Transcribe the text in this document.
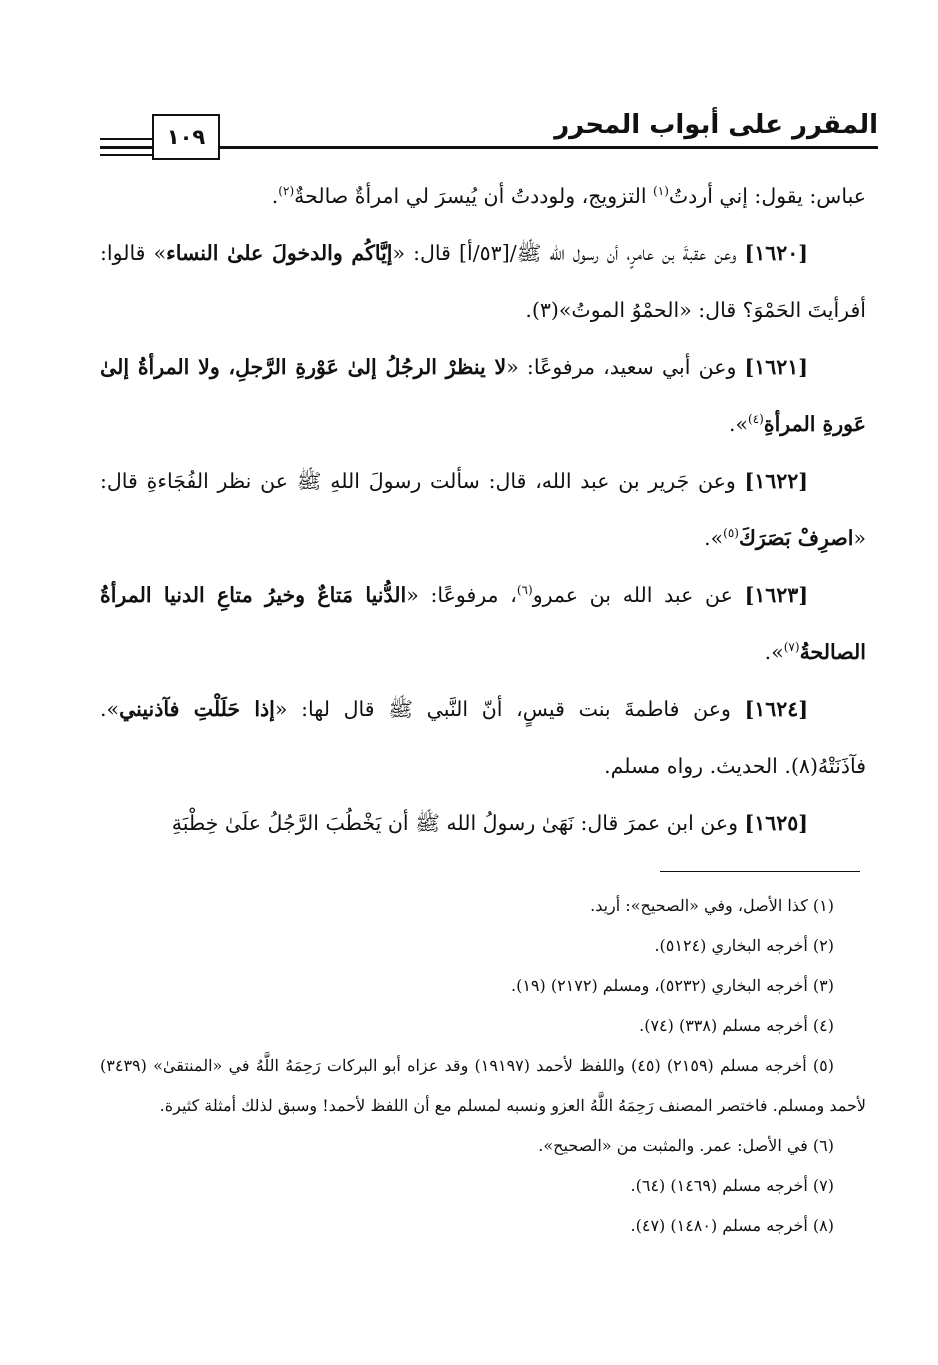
المقرر على أبواب المحرر
١٠٩

عباس: يقول: إني أردتُ$^{(١)}$ التزويج، ولوددتُ أن يُيسرَ لي امرأةٌ صالحةٌ$^{(٢)}$.

[١٦٢٠] وعن عقبةَ بن عامرٍ، أن رسول الله ﷺ/[٥٣/أ] قال: «إيَّاكُم والدخولَ علىٰ النساء» قالوا: أفرأيتَ الحَمْوَ؟ قال: «الحمْوُ الموتُ»(٣).

[١٦٢١] وعن أبي سعيد، مرفوعًا: «لا ينظرْ الرجُلُ إلىٰ عَوْرةِ الرَّجلِ، ولا المرأةُ إلىٰ عَورةِ المرأةِ$^{(٤)}$».

[١٦٢٢] وعن جَرير بن عبد الله، قال: سألت رسولَ اللهِ ﷺ عن نظر الفُجَاءةِ قال: «اصرِفْ بَصَرَكَ$^{(٥)}$».

[١٦٢٣] عن عبد الله بن عمرو$^{(٦)}$، مرفوعًا: «الدُّنيا مَتاعٌ وخيرُ متاعِ الدنيا المرأةُ الصالحةُ$^{(٧)}$».

[١٦٢٤] وعن فاطمةَ بنت قيسٍ، أنّ النَّبي ﷺ قال لها: «إذا حَلَلْتِ فآذنيني». فآذَنَتْهُ(٨). الحديث. رواه مسلم.

[١٦٢٥] وعن ابن عمرَ قال: نَهَىٰ رسولُ الله ﷺ أن يَخْطُبَ الرَّجُلُ علَىٰ خِطْبَةِ

(١) كذا الأصل، وفي «الصحيح»: أريد.

(٢) أخرجه البخاري (٥١٢٤).

(٣) أخرجه البخاري (٥٢٣٢)، ومسلم (٢١٧٢) (١٩).

(٤) أخرجه مسلم (٣٣٨) (٧٤).

(٥) أخرجه مسلم (٢١٥٩) (٤٥) واللفظ لأحمد (١٩١٩٧) وقد عزاه أبو البركات رَحِمَهُ اللَّهُ في «المنتقىٰ» (٣٤٣٩) لأحمد ومسلم. فاختصر المصنف رَحِمَهُ اللَّهُ العزو ونسبه لمسلم مع أن اللفظ لأحمد! وسبق لذلك أمثلة كثيرة.

(٦) في الأصل: عمر. والمثبت من «الصحيح».

(٧) أخرجه مسلم (١٤٦٩) (٦٤).

(٨) أخرجه مسلم (١٤٨٠) (٤٧).
